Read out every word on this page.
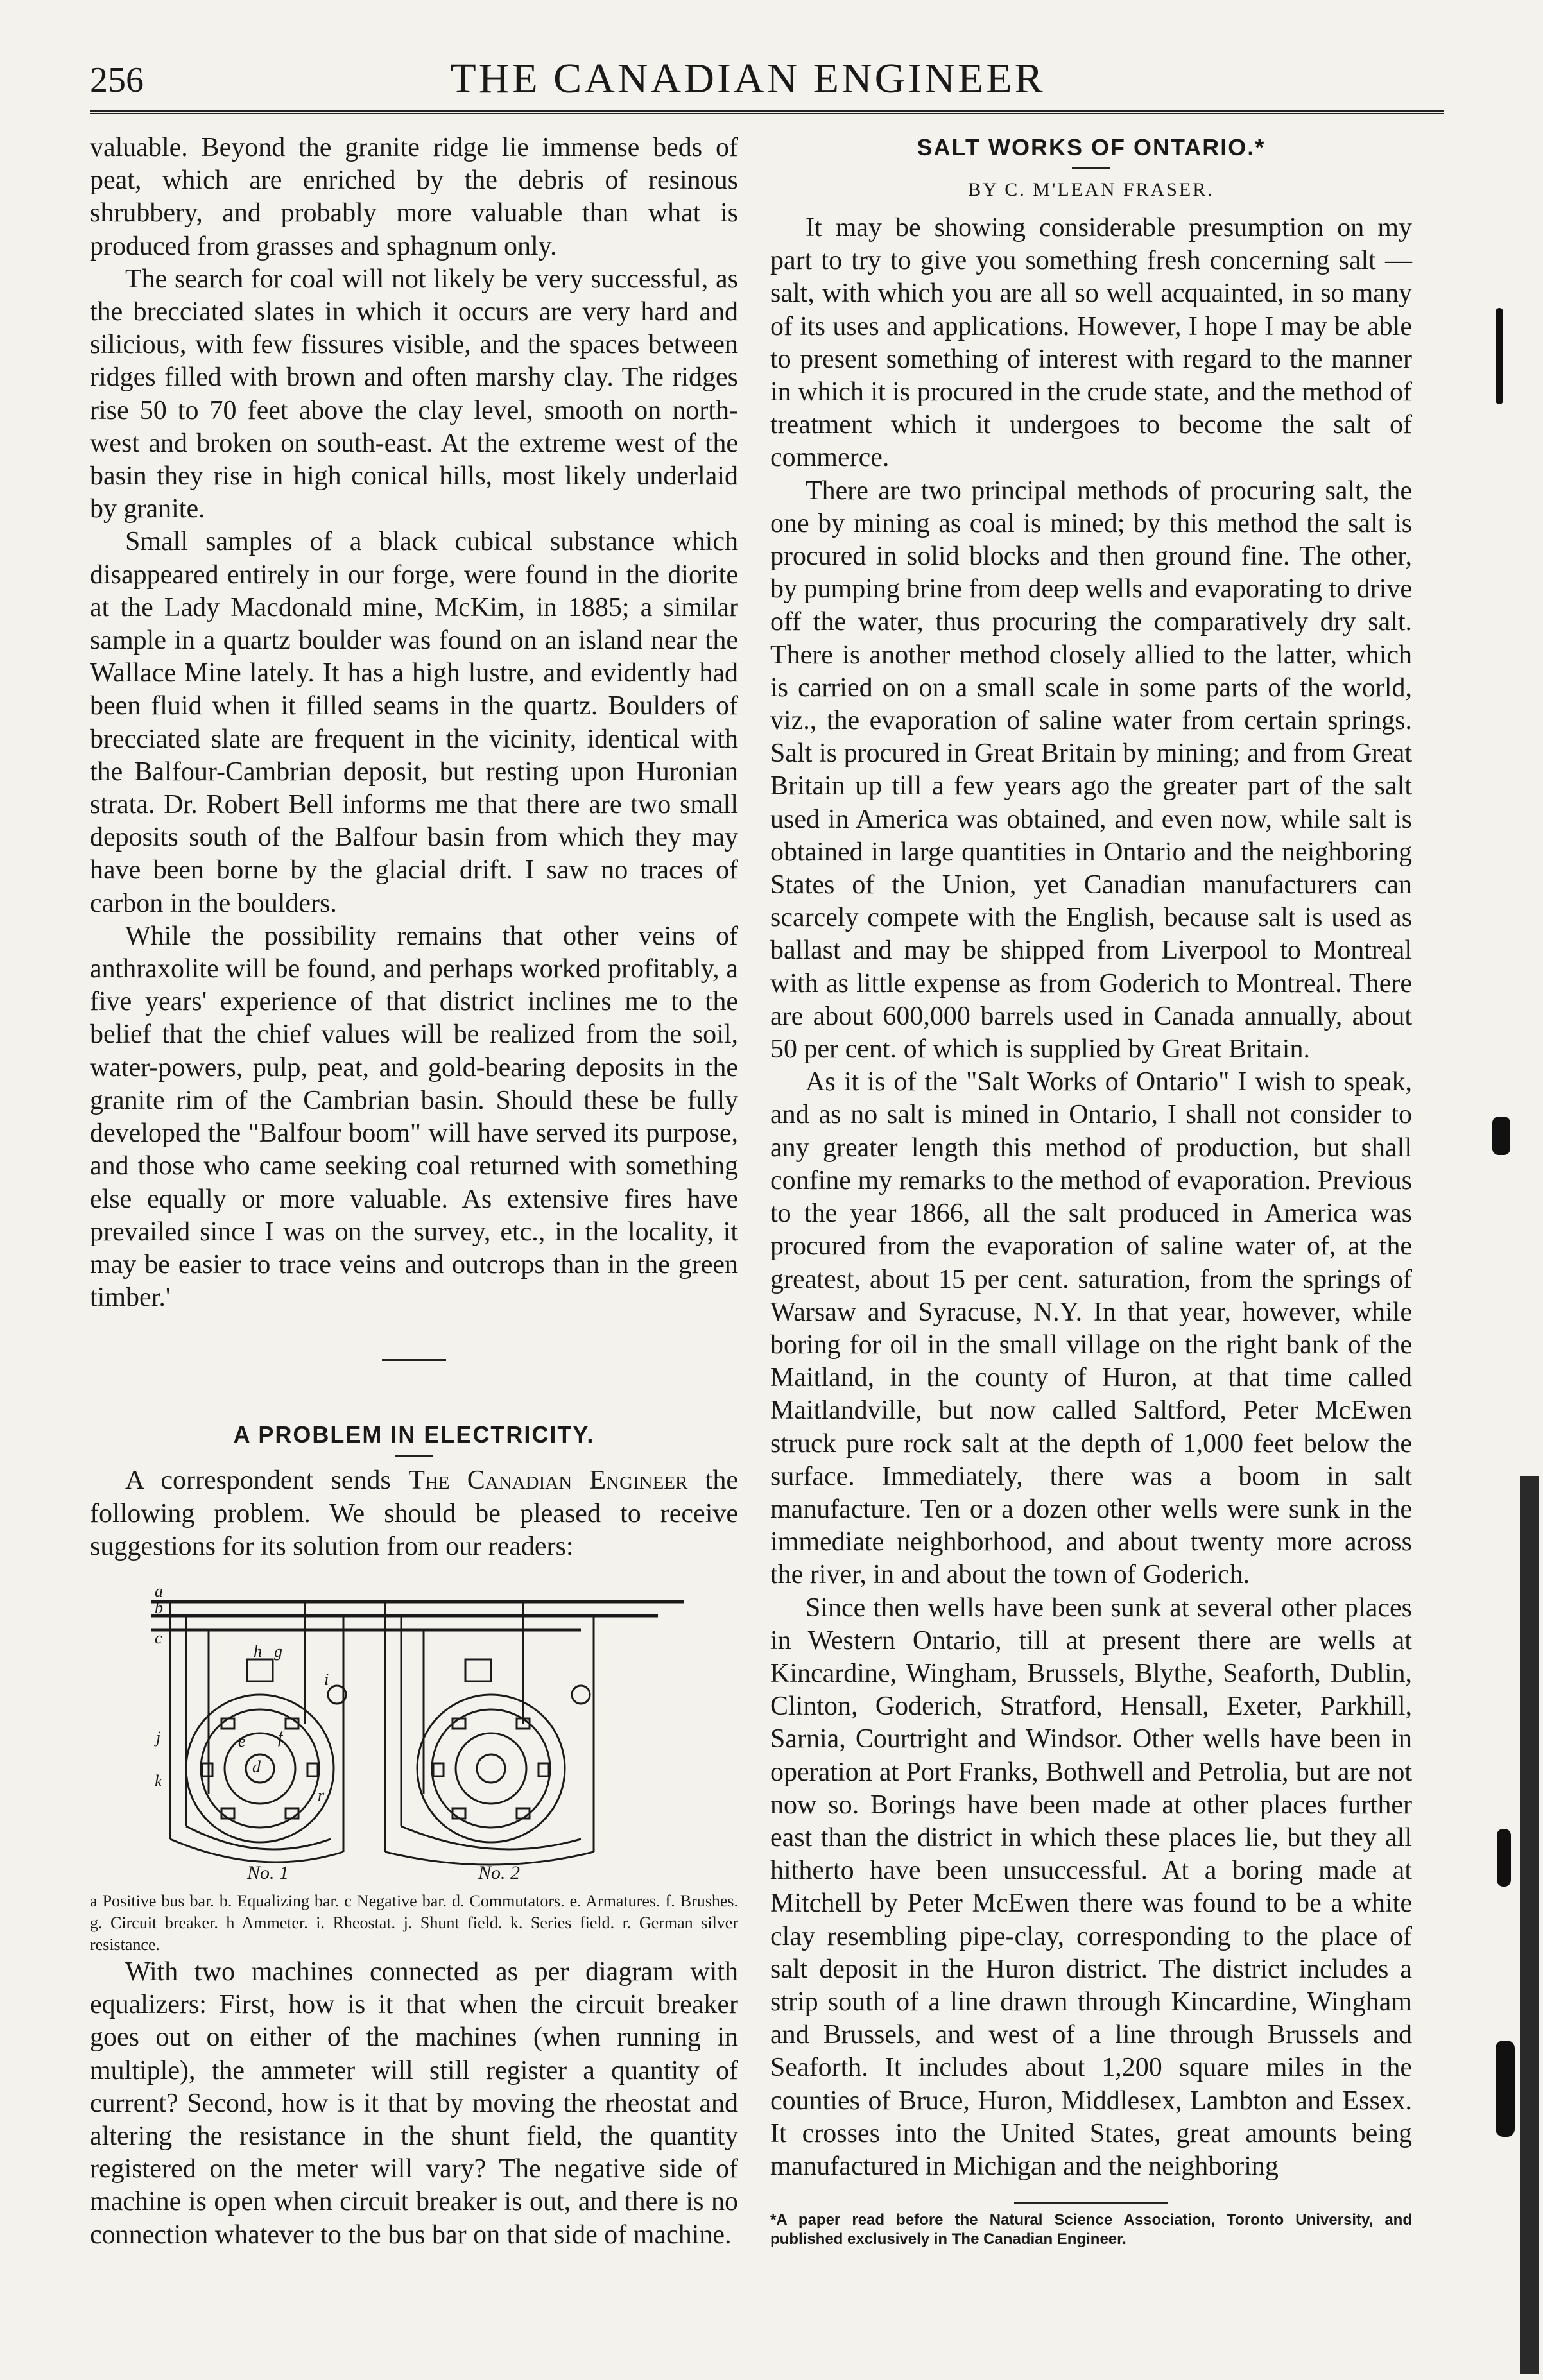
256	THE CANADIAN ENGINEER

valuable. Beyond the granite ridge lie immense beds of peat, which are enriched by the debris of resinous shrubbery, and probably more valuable than what is produced from grasses and sphagnum only.

The search for coal will not likely be very successful, as the brecciated slates in which it occurs are very hard and silicious, with few fissures visible, and the spaces between ridges filled with brown and often marshy clay. The ridges rise 50 to 70 feet above the clay level, smooth on north-west and broken on south-east. At the extreme west of the basin they rise in high conical hills, most likely underlaid by granite.

Small samples of a black cubical substance which disappeared entirely in our forge, were found in the diorite at the Lady Macdonald mine, McKim, in 1885; a similar sample in a quartz boulder was found on an island near the Wallace Mine lately. It has a high lustre, and evidently had been fluid when it filled seams in the quartz. Boulders of brecciated slate are frequent in the vicinity, identical with the Balfour-Cambrian deposit, but resting upon Huronian strata. Dr. Robert Bell informs me that there are two small deposits south of the Balfour basin from which they may have been borne by the glacial drift. I saw no traces of carbon in the boulders.

While the possibility remains that other veins of anthraxolite will be found, and perhaps worked profitably, a five years' experience of that district inclines me to the belief that the chief values will be realized from the soil, water-powers, pulp, peat, and gold-bearing deposits in the granite rim of the Cambrian basin. Should these be fully developed the "Balfour boom" will have served its purpose, and those who came seeking coal returned with something else equally or more valuable. As extensive fires have prevailed since I was on the survey, etc., in the locality, it may be easier to trace veins and outcrops than in the green timber.'

A PROBLEM IN ELECTRICITY.

A correspondent sends The Canadian Engineer the following problem. We should be pleased to receive suggestions for its solution from our readers:

a
b
c
d
e f
g
h
i
j
k
r
No. 1	No. 2

a Positive bus bar. b. Equalizing bar. c Negative bar. d. Commutators. e. Armatures. f. Brushes. g. Circuit breaker. h Ammeter. i. Rheostat. j. Shunt field. k. Series field. r. German silver resistance.

With two machines connected as per diagram with equalizers: First, how is it that when the circuit breaker goes out on either of the machines (when running in multiple), the ammeter will still register a quantity of current? Second, how is it that by moving the rheostat and altering the resistance in the shunt field, the quantity registered on the meter will vary? The negative side of machine is open when circuit breaker is out, and there is no connection whatever to the bus bar on that side of machine.

SALT WORKS OF ONTARIO.*
BY C. M'LEAN FRASER.

It may be showing considerable presumption on my part to try to give you something fresh concerning salt —salt, with which you are all so well acquainted, in so many of its uses and applications. However, I hope I may be able to present something of interest with regard to the manner in which it is procured in the crude state, and the method of treatment which it undergoes to become the salt of commerce.

There are two principal methods of procuring salt, the one by mining as coal is mined; by this method the salt is procured in solid blocks and then ground fine. The other, by pumping brine from deep wells and evaporating to drive off the water, thus procuring the comparatively dry salt. There is another method closely allied to the latter, which is carried on on a small scale in some parts of the world, viz., the evaporation of saline water from certain springs. Salt is procured in Great Britain by mining; and from Great Britain up till a few years ago the greater part of the salt used in America was obtained, and even now, while salt is obtained in large quantities in Ontario and the neighboring States of the Union, yet Canadian manufacturers can scarcely compete with the English, because salt is used as ballast and may be shipped from Liverpool to Montreal with as little expense as from Goderich to Montreal. There are about 600,000 barrels used in Canada annually, about 50 per cent. of which is supplied by Great Britain.

As it is of the "Salt Works of Ontario" I wish to speak, and as no salt is mined in Ontario, I shall not consider to any greater length this method of production, but shall confine my remarks to the method of evaporation. Previous to the year 1866, all the salt produced in America was procured from the evaporation of saline water of, at the greatest, about 15 per cent. saturation, from the springs of Warsaw and Syracuse, N.Y. In that year, however, while boring for oil in the small village on the right bank of the Maitland, in the county of Huron, at that time called Maitlandville, but now called Saltford, Peter McEwen struck pure rock salt at the depth of 1,000 feet below the surface. Immediately, there was a boom in salt manufacture. Ten or a dozen other wells were sunk in the immediate neighborhood, and about twenty more across the river, in and about the town of Goderich.

Since then wells have been sunk at several other places in Western Ontario, till at present there are wells at Kincardine, Wingham, Brussels, Blythe, Seaforth, Dublin, Clinton, Goderich, Stratford, Hensall, Exeter, Parkhill, Sarnia, Courtright and Windsor. Other wells have been in operation at Port Franks, Bothwell and Petrolia, but are not now so. Borings have been made at other places further east than the district in which these places lie, but they all hitherto have been unsuccessful. At a boring made at Mitchell by Peter McEwen there was found to be a white clay resembling pipe-clay, corresponding to the place of salt deposit in the Huron district. The district includes a strip south of a line drawn through Kincardine, Wingham and Brussels, and west of a line through Brussels and Seaforth. It includes about 1,200 square miles in the counties of Bruce, Huron, Middlesex, Lambton and Essex. It crosses into the United States, great amounts being manufactured in Michigan and the neighboring

*A paper read before the Natural Science Association, Toronto University, and published exclusively in The Canadian Engineer.
